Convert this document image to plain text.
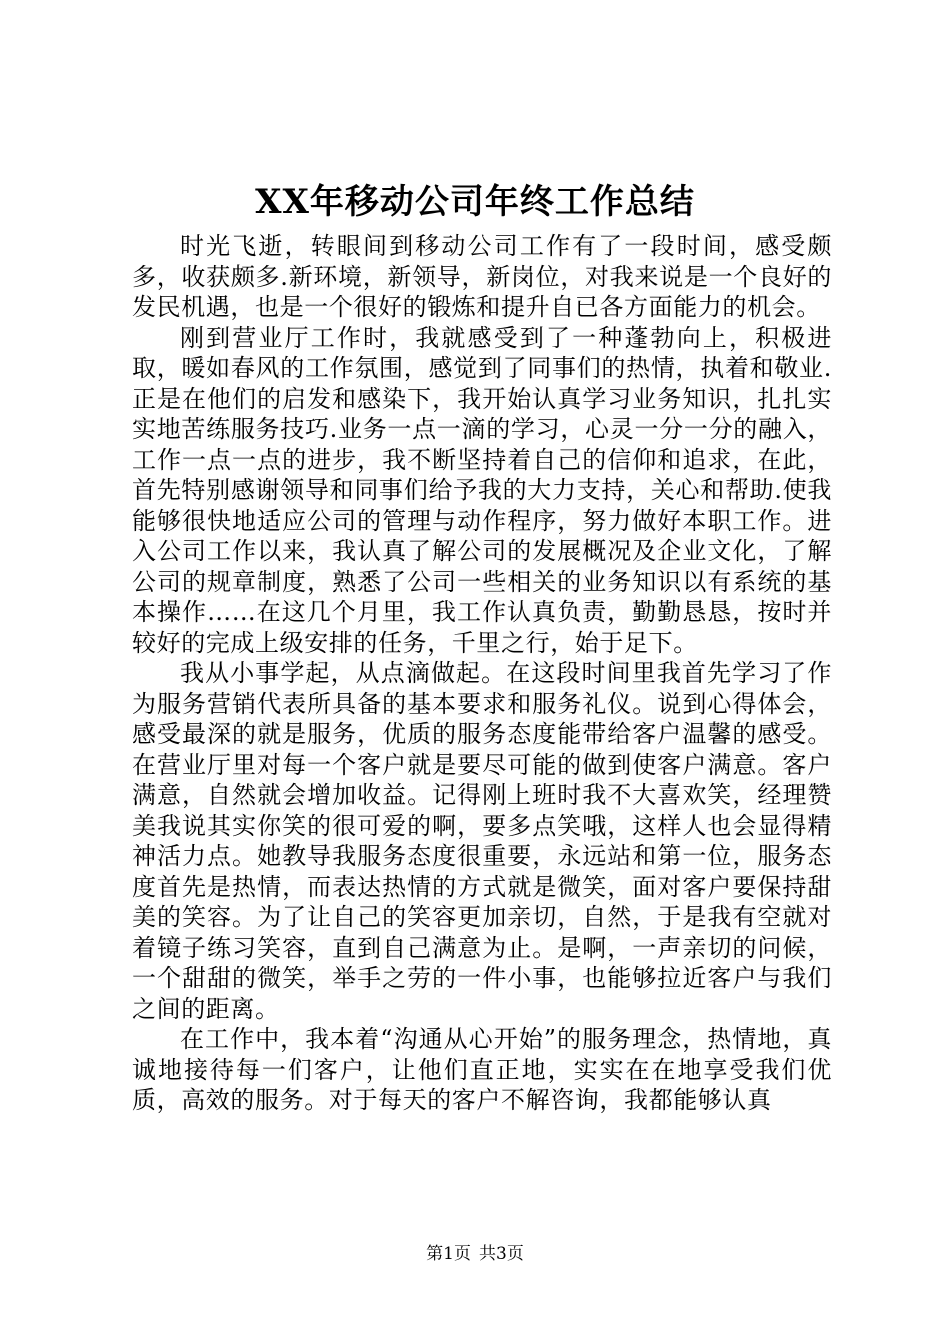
XX年移动公司年终工作总结

时光飞逝，转眼间到移动公司工作有了一段时间，感受颇多，收获颇多.新环境，新领导，新岗位，对我来说是一个良好的发民机遇，也是一个很好的锻炼和提升自已各方面能力的机会。

刚到营业厅工作时，我就感受到了一种蓬勃向上，积极进取，暖如春风的工作氛围，感觉到了同事们的热情，执着和敬业.正是在他们的启发和感染下，我开始认真学习业务知识，扎扎实实地苦练服务技巧.业务一点一滴的学习，心灵一分一分的融入，工作一点一点的进步，我不断坚持着自己的信仰和追求，在此，首先特别感谢领导和同事们给予我的大力支持，关心和帮助.使我能够很快地适应公司的管理与动作程序，努力做好本职工作。进入公司工作以来，我认真了解公司的发展概况及企业文化，了解公司的规章制度，熟悉了公司一些相关的业务知识以有系统的基本操作……在这几个月里，我工作认真负责，勤勤恳恳，按时并较好的完成上级安排的任务，千里之行，始于足下。

我从小事学起，从点滴做起。在这段时间里我首先学习了作为服务营销代表所具备的基本要求和服务礼仪。说到心得体会，感受最深的就是服务，优质的服务态度能带给客户温馨的感受。在营业厅里对每一个客户就是要尽可能的做到使客户满意。客户满意，自然就会增加收益。记得刚上班时我不大喜欢笑，经理赞美我说其实你笑的很可爱的啊，要多点笑哦，这样人也会显得精神活力点。她教导我服务态度很重要，永远站和第一位，服务态度首先是热情，而表达热情的方式就是微笑，面对客户要保持甜美的笑容。为了让自己的笑容更加亲切，自然，于是我有空就对着镜子练习笑容，直到自己满意为止。是啊，一声亲切的问候，一个甜甜的微笑，举手之劳的一件小事，也能够拉近客户与我们之间的距离。

在工作中，我本着“沟通从心开始”的服务理念，热情地，真诚地接待每一们客户，让他们直正地，实实在在地享受我们优质，高效的服务。对于每天的客户不解咨询，我都能够认真

第1页 共3页
